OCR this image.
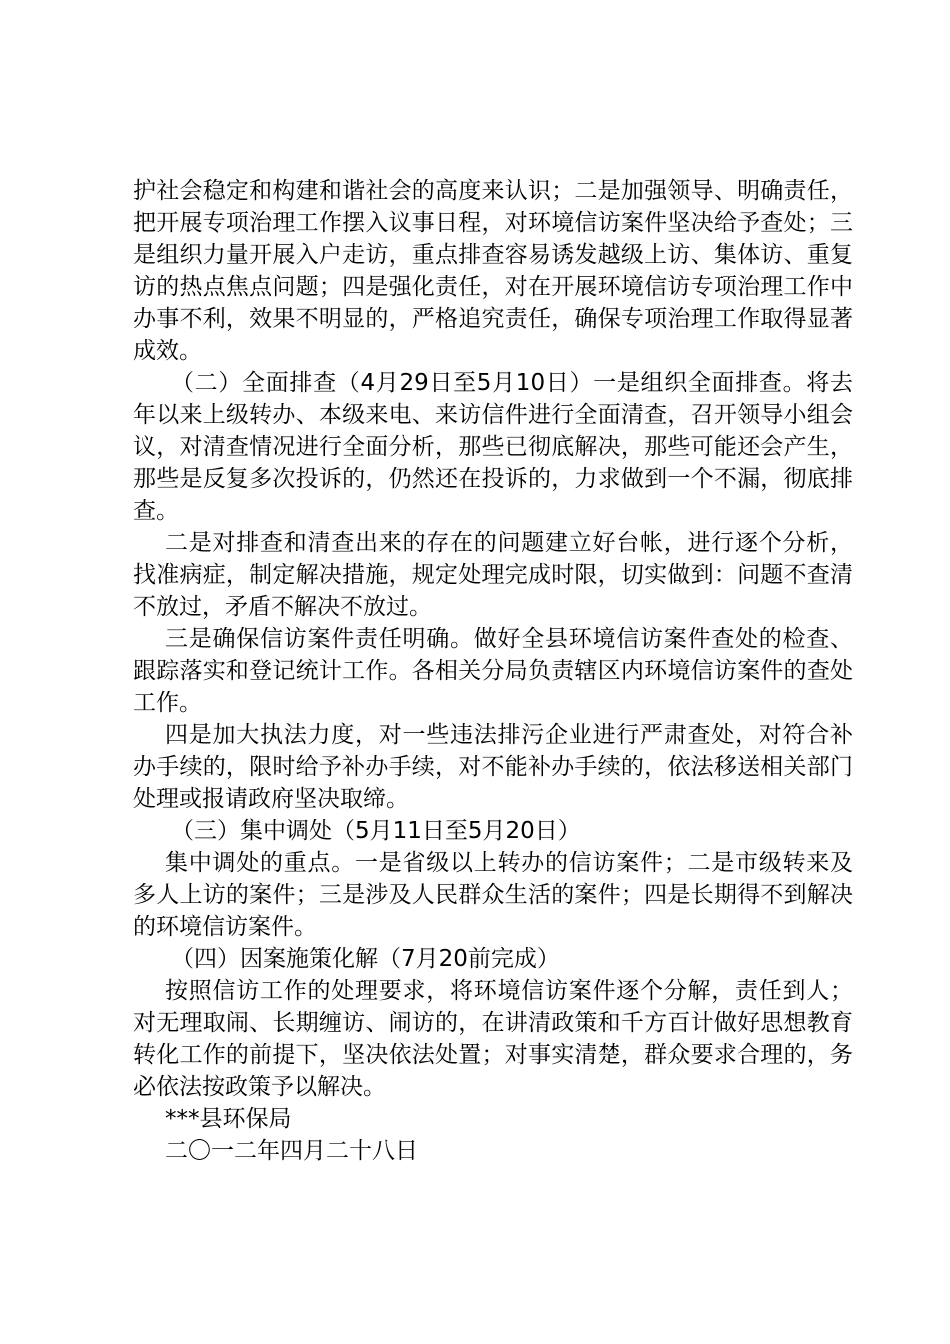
护社会稳定和构建和谐社会的高度来认识；二是加强领导、明确责任，把开展专项治理工作摆入议事日程，对环境信访案件坚决给予查处；三是组织力量开展入户走访，重点排查容易诱发越级上访、集体访、重复访的热点焦点问题；四是强化责任，对在开展环境信访专项治理工作中办事不利，效果不明显的，严格追究责任，确保专项治理工作取得显著成效。

（二）全面排查（4月29日至5月10日）一是组织全面排查。将去年以来上级转办、本级来电、来访信件进行全面清查，召开领导小组会议，对清查情况进行全面分析，那些已彻底解决，那些可能还会产生，那些是反复多次投诉的，仍然还在投诉的，力求做到一个不漏，彻底排查。

二是对排查和清查出来的存在的问题建立好台帐，进行逐个分析，找准病症，制定解决措施，规定处理完成时限，切实做到：问题不查清不放过，矛盾不解决不放过。

三是确保信访案件责任明确。做好全县环境信访案件查处的检查、跟踪落实和登记统计工作。各相关分局负责辖区内环境信访案件的查处工作。

四是加大执法力度，对一些违法排污企业进行严肃查处，对符合补办手续的，限时给予补办手续，对不能补办手续的，依法移送相关部门处理或报请政府坚决取缔。

（三）集中调处（5月11日至5月20日）

集中调处的重点。一是省级以上转办的信访案件；二是市级转来及多人上访的案件；三是涉及人民群众生活的案件；四是长期得不到解决的环境信访案件。

（四）因案施策化解（7月20前完成）

按照信访工作的处理要求，将环境信访案件逐个分解，责任到人；对无理取闹、长期缠访、闹访的，在讲清政策和千方百计做好思想教育转化工作的前提下，坚决依法处置；对事实清楚，群众要求合理的，务必依法按政策予以解决。

***县环保局

二〇一二年四月二十八日
